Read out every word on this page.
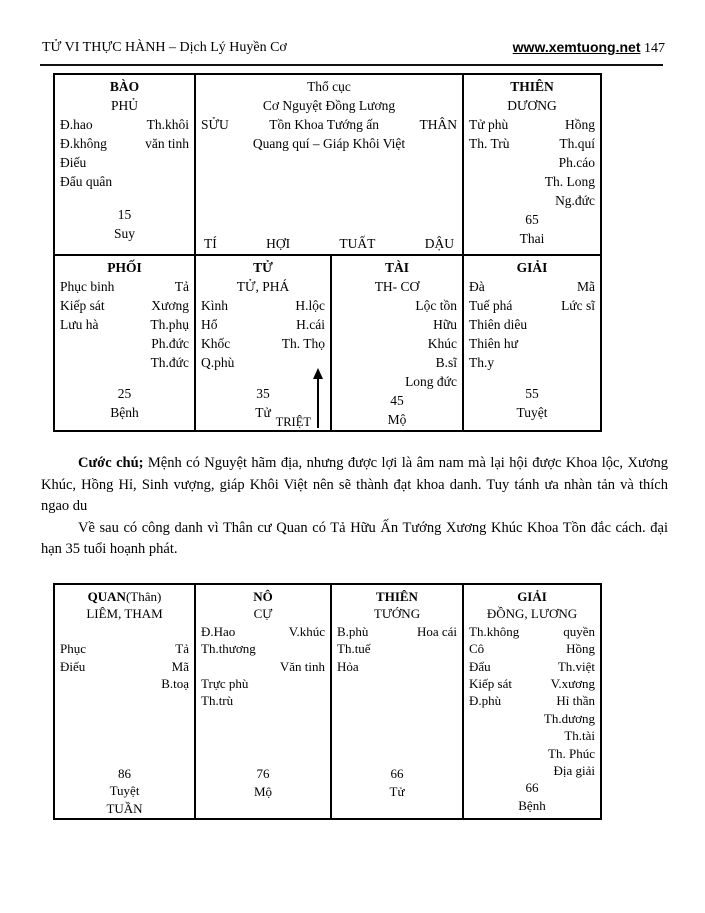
TỬ VI THỰC HÀNH – Dịch Lý Huyền Cơ	www.xemtuong.net 147
BÀO
PHỦ
Đ.hao	Th.khôi
Đ.không	văn tinh
Điếu
Đẩu quân
15
Suy
Thổ cục
Cơ Nguyệt Đồng Lương
SỬU	Tồn Khoa Tướng ấn	THÂN
Quang quí – Giáp Khôi Việt
TÍ	HỢI	TUẤT	DẬU
THIÊN
DƯƠNG
Tử phù	Hồng
Th. Trù	Th.quí
Ph.cáo
Th. Long
Ng.đức
65
Thai
PHỐI
Phục binh	Tả
Kiếp sát	Xương
Lưu hà	Th.phụ
Ph.đức
Th.đức
25
Bệnh
TỬ
TỬ, PHÁ
Kình	H.lộc
Hổ	H.cái
Khốc	Th. Thọ
Q.phù
35
Tử
TRIỆT
TÀI
TH- CƠ
Lộc tồn
Hữu
Khúc
B.sĩ
Long đức
45
Mộ
GIẢI
Đà	Mã
Tuế phá	Lức sĩ
Thiên diêu
Thiên hư
Th.y
55
Tuyệt

Cước chú; Mệnh có Nguyệt hãm địa, nhưng được lợi là âm nam mà lại hội được Khoa lộc, Xương Khúc, Hồng Hỉ, Sinh vượng, giáp Khôi Việt nên sẽ thành đạt khoa danh. Tuy tánh ưa nhàn tản và thích ngao du

Về sau có công danh vì Thân cư Quan có Tả Hữu Ấn Tướng Xương Khúc Khoa Tồn đắc cách. đại hạn 35 tuổi hoạnh phát.

QUAN(Thân)
LIÊM, THAM
Phục	Tả
Điếu	Mã
B.toạ
86
Tuyệt
TUẦN
NÔ
CỰ
Đ.Hao	V.khúc
Th.thương
Văn tinh
Trực phù
Th.trù
76
Mộ
THIÊN
TƯỚNG
B.phù	Hoa cái
Th.tuế
Hỏa
66
Tử
GIẢI
ĐỒNG, LƯƠNG
Th.không	quyền
Cô	Hồng
Đẩu	Th.việt
Kiếp sát	V.xương
Đ.phù	Hỉ thần
Th.dương
Th.tài
Th. Phúc
Địa giải
66
Bệnh
